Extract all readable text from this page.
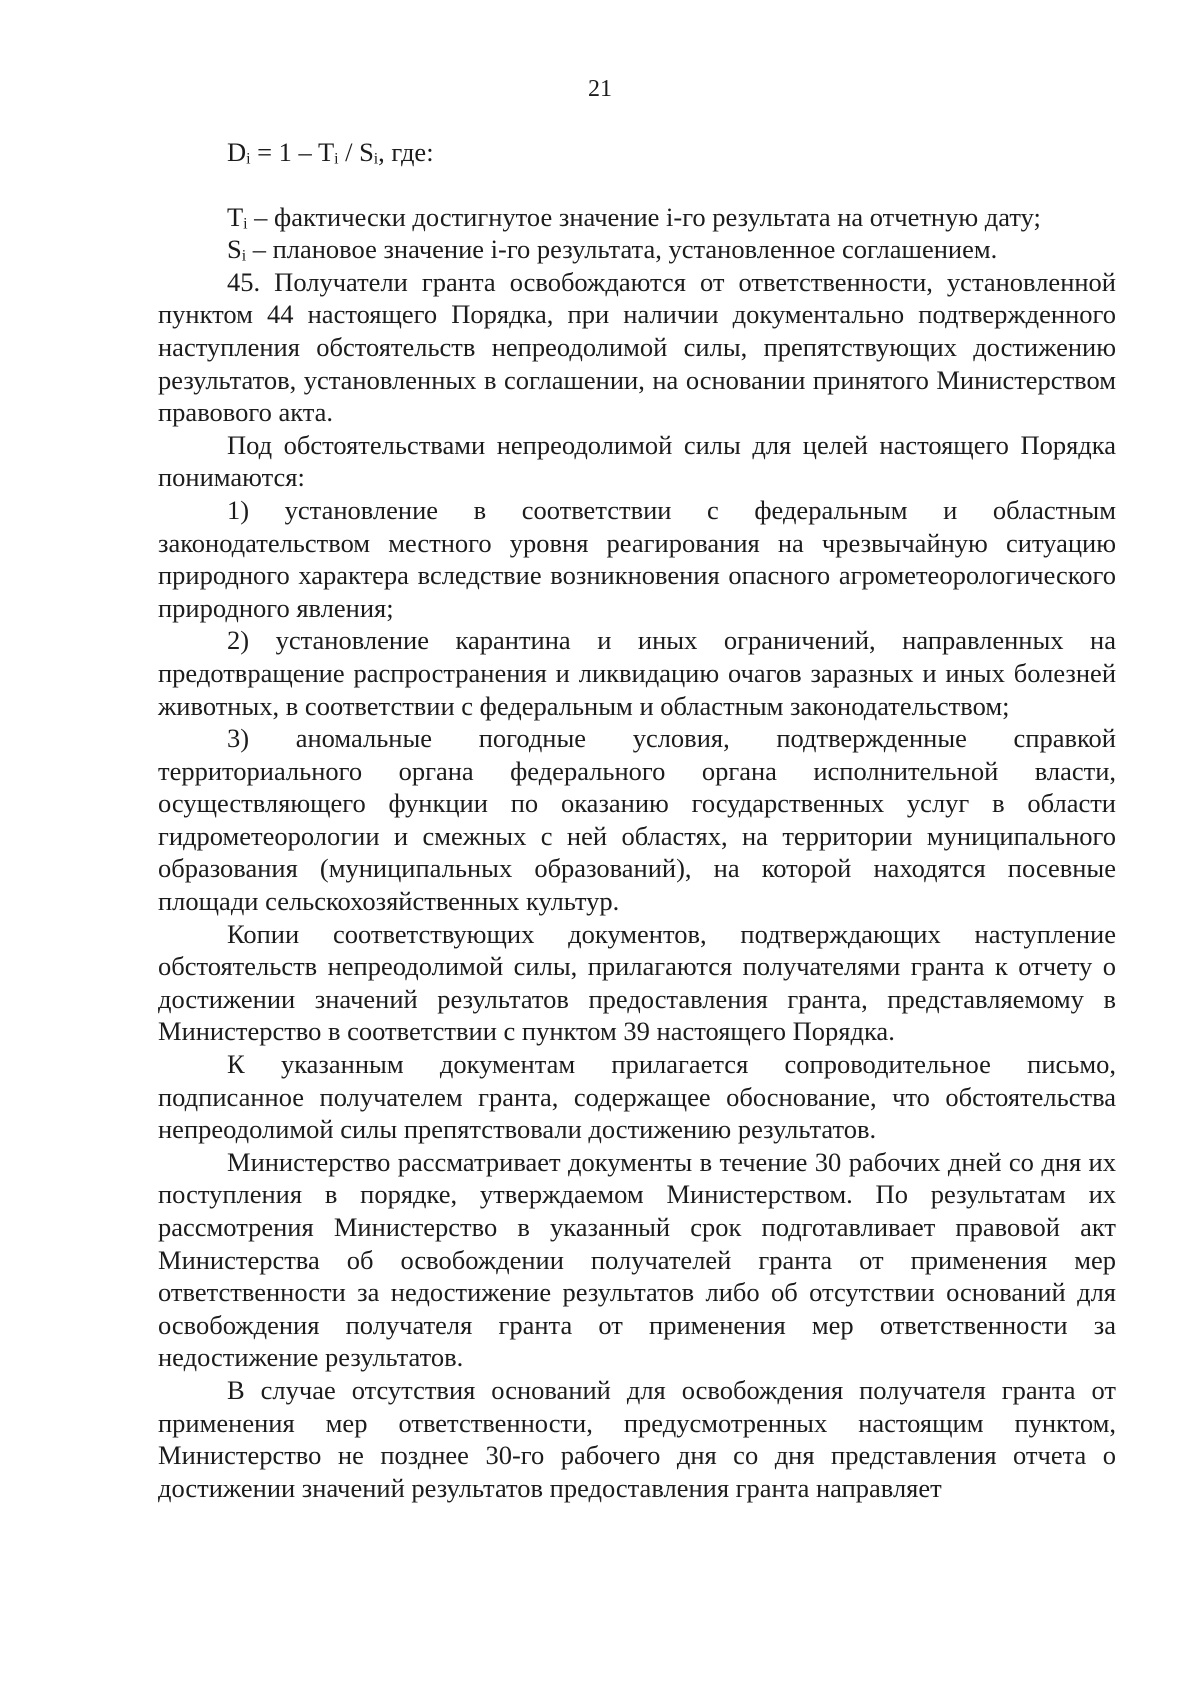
21
Dᵢ = 1 – Tᵢ / Sᵢ, где:

Tᵢ – фактически достигнутое значение i-го результата на отчетную дату;

Sᵢ – плановое значение i-го результата, установленное соглашением.

45. Получатели гранта освобождаются от ответственности, установленной пунктом 44 настоящего Порядка, при наличии документально подтвержденного наступления обстоятельств непреодолимой силы, препятствующих достижению результатов, установленных в соглашении, на основании принятого Министерством правового акта.

Под обстоятельствами непреодолимой силы для целей настоящего Порядка понимаются:

1) установление в соответствии с федеральным и областным законодательством местного уровня реагирования на чрезвычайную ситуацию природного характера вследствие возникновения опасного агрометеорологического природного явления;

2) установление карантина и иных ограничений, направленных на предотвращение распространения и ликвидацию очагов заразных и иных болезней животных, в соответствии с федеральным и областным законодательством;

3) аномальные погодные условия, подтвержденные справкой территориального органа федерального органа исполнительной власти, осуществляющего функции по оказанию государственных услуг в области гидрометеорологии и смежных с ней областях, на территории муниципального образования (муниципальных образований), на которой находятся посевные площади сельскохозяйственных культур.

Копии соответствующих документов, подтверждающих наступление обстоятельств непреодолимой силы, прилагаются получателями гранта к отчету о достижении значений результатов предоставления гранта, представляемому в Министерство в соответствии с пунктом 39 настоящего Порядка.

К указанным документам прилагается сопроводительное письмо, подписанное получателем гранта, содержащее обоснование, что обстоятельства непреодолимой силы препятствовали достижению результатов.

Министерство рассматривает документы в течение 30 рабочих дней со дня их поступления в порядке, утверждаемом Министерством. По результатам их рассмотрения Министерство в указанный срок подготавливает правовой акт Министерства об освобождении получателей гранта от применения мер ответственности за недостижение результатов либо об отсутствии оснований для освобождения получателя гранта от применения мер ответственности за недостижение результатов.

В случае отсутствия оснований для освобождения получателя гранта от применения мер ответственности, предусмотренных настоящим пунктом, Министерство не позднее 30-го рабочего дня со дня представления отчета о достижении значений результатов предоставления гранта направляет
